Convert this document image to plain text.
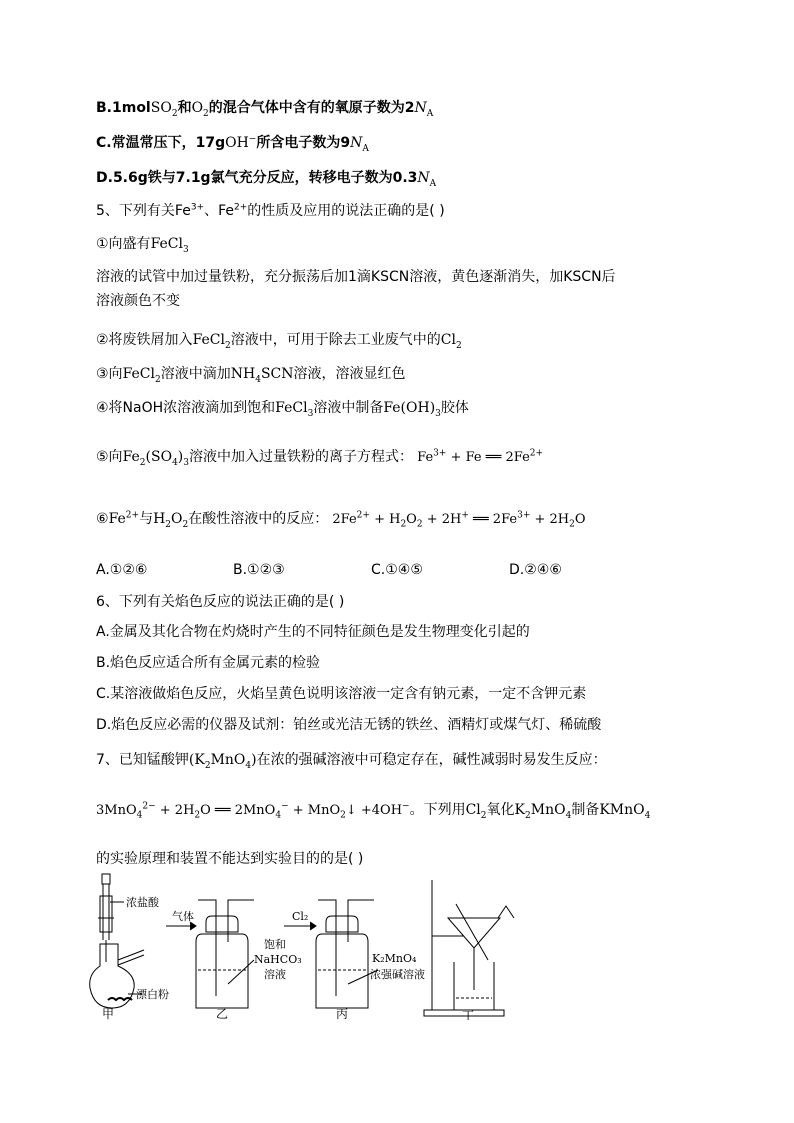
B.1molSO$_2$和$O_2$的混合气体中含有的氧原子数为$2N_A$
C.常温常压下，17gOH−所含电子数为$9N_A$
D.5.6g铁与7.1g氯气充分反应，转移电子数为$0.3N_A$
5、下列有关$Fe^{3+}$、$Fe^{2+}$的性质及应用的说法正确的是( )
①向盛有FeCl$_3$
溶液的试管中加过量铁粉，充分振荡后加1滴KSCN溶液，黄色逐渐消失，加KSCN后
溶液颜色不变
②将废铁屑加入FeCl$_2$溶液中，可用于除去工业废气中的$Cl_2$
③向FeCl$_2$溶液中滴加$NH_4SCN$溶液，溶液显红色
④将NaOH浓溶液滴加到饱和FeCl$_3$溶液中制备$Fe(OH)_3$胶体
⑤向$Fe_2(SO_4)_3$溶液中加入过量铁粉的离子方程式： $Fe^{3+} + Fe$ ══ $2Fe^{2+}$
$⑥Fe^{2+}$与$H_2O_2$在酸性溶液中的反应： $2Fe^{2+} + H_2O_2 + 2H^+$ ══ $2Fe^{3+} + 2H_2O$
A.①②⑥	B.①②③	C.①④⑤	D.②④⑥
6、下列有关焰色反应的说法正确的是( )
A.金属及其化合物在灼烧时产生的不同特征颜色是发生物理变化引起的
B.焰色反应适合所有金属元素的检验
C.某溶液做焰色反应，火焰呈黄色说明该溶液一定含有钠元素，一定不含钾元素
D.焰色反应必需的仪器及试剂：铂丝或光洁无锈的铁丝、酒精灯或煤气灯、稀硫酸
7、已知锰酸钾$(K_2MnO_4)$在浓的强碱溶液中可稳定存在，碱性减弱时易发生反应：
$3MnO_4^{2-} + 2H_2O$ ══ 2MnO$_4$− + MnO$_2$↓ +4OH−。下列用$Cl_2$氧化$K_2MnO_4$制备KMnO$_4$
的实验原理和装置不能达到实验目的的是( )
浓盐酸
漂白粉
气体	Cl₂
饱和
NaHCO₃
溶液
K₂MnO₄
浓强碱溶液
甲	乙	丙	丁
